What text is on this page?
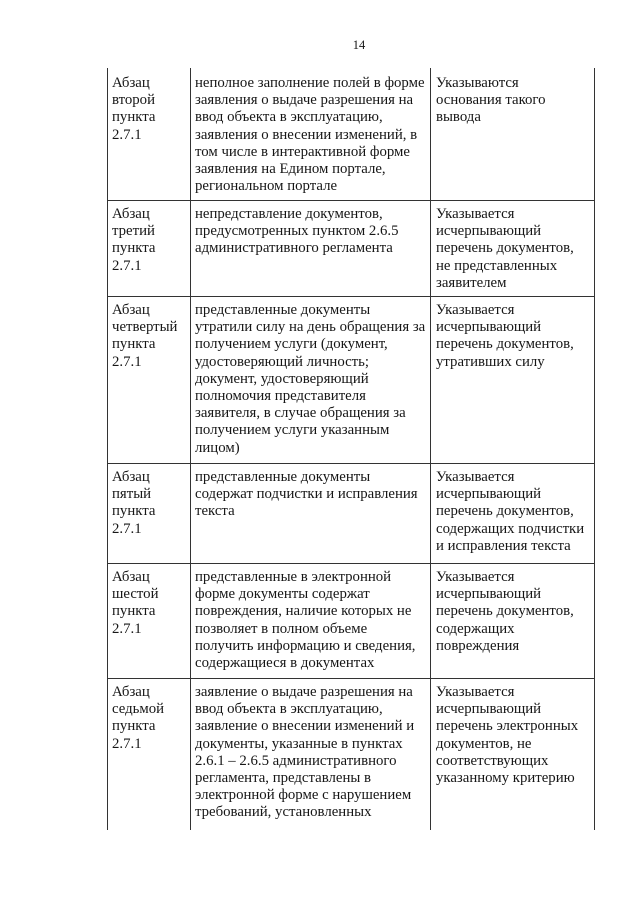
14
Абзац
второй
пункта
2.7.1
неполное заполнение полей в форме
заявления о выдаче разрешения на
ввод объекта в эксплуатацию,
заявления о внесении изменений, в
том числе в интерактивной форме
заявления на Едином портале,
региональном портале
Указываются
основания такого
вывода
Абзац
третий
пункта
2.7.1
непредставление документов,
предусмотренных пунктом 2.6.5
административного регламента
Указывается
исчерпывающий
перечень документов,
не представленных
заявителем
Абзац
четвертый
пункта
2.7.1
представленные документы
утратили силу на день обращения за
получением услуги (документ,
удостоверяющий личность;
документ, удостоверяющий
полномочия представителя
заявителя, в случае обращения за
получением услуги указанным
лицом)
Указывается
исчерпывающий
перечень документов,
утративших силу
Абзац
пятый
пункта
2.7.1
представленные документы
содержат подчистки и исправления
текста
Указывается
исчерпывающий
перечень документов,
содержащих подчистки
и исправления текста
Абзац
шестой
пункта
2.7.1
представленные в электронной
форме документы содержат
повреждения, наличие которых не
позволяет в полном объеме
получить информацию и сведения,
содержащиеся в документах
Указывается
исчерпывающий
перечень документов,
содержащих
повреждения
Абзац
седьмой
пункта
2.7.1
заявление о выдаче разрешения на
ввод объекта в эксплуатацию,
заявление о внесении изменений и
документы, указанные в пунктах
2.6.1 – 2.6.5 административного
регламента, представлены в
электронной форме с нарушением
требований, установленных
Указывается
исчерпывающий
перечень электронных
документов, не
соответствующих
указанному критерию
